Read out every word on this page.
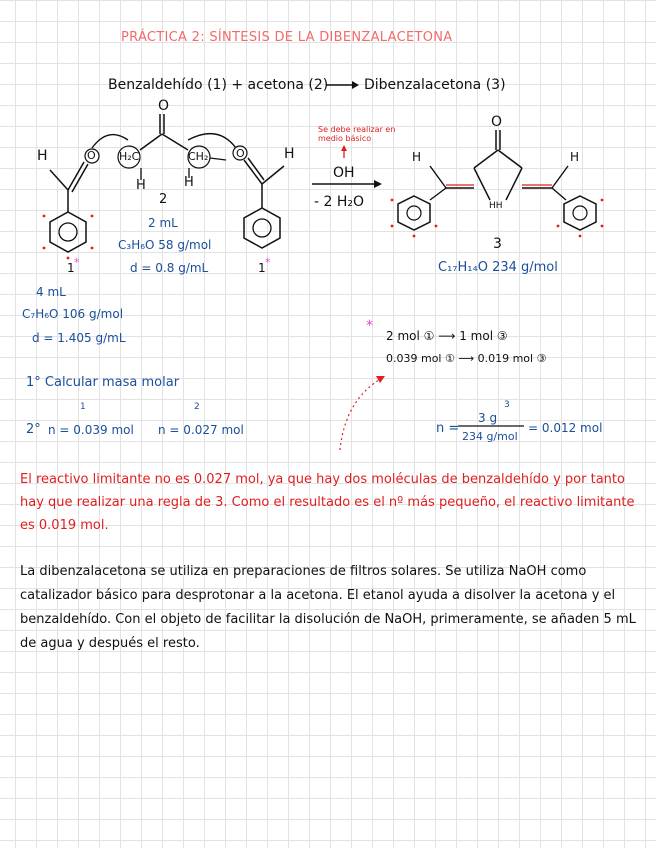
PRÁCTICA 2: SÍNTESIS DE LA DIBENZALACETONA
Benzaldehído (1) + acetona (2)	Dibenzalacetona (3)
*	*
*
H	O H₂C	CH₂
O
H	H
2
O	H
2 mL
C₃H₆O 58 g/mol
d = 0.8 g/mL
1	1
4 mL
C₇H₆O 106 g/mol
d = 1.405 g/mL
Se debe realizar en medio básico
OH
- 2 H₂O
O
H	H
HH
3
C₁₇H₁₄O 234 g/mol
2 mol ① ⟶ 1 mol ③
0.039 mol ① ⟶ 0.019 mol ③
1° Calcular masa molar
1
2° n = 0.039 mol
2
n = 0.027 mol
3
n =
3 g
234 g/mol
= 0.012 mol
El reactivo limitante no es 0.027 mol, ya que hay dos moléculas de benzaldehído y por tanto hay que realizar una regla de 3. Como el resultado es el nº más pequeño, el reactivo limitante es 0.019 mol.
La dibenzalacetona se utiliza en preparaciones de filtros solares. Se utiliza NaOH como catalizador básico para desprotonar a la acetona. El etanol ayuda a disolver la acetona y el benzaldehído. Con el objeto de facilitar la disolución de NaOH, primeramente, se añaden 5 mL de agua y después el resto.
